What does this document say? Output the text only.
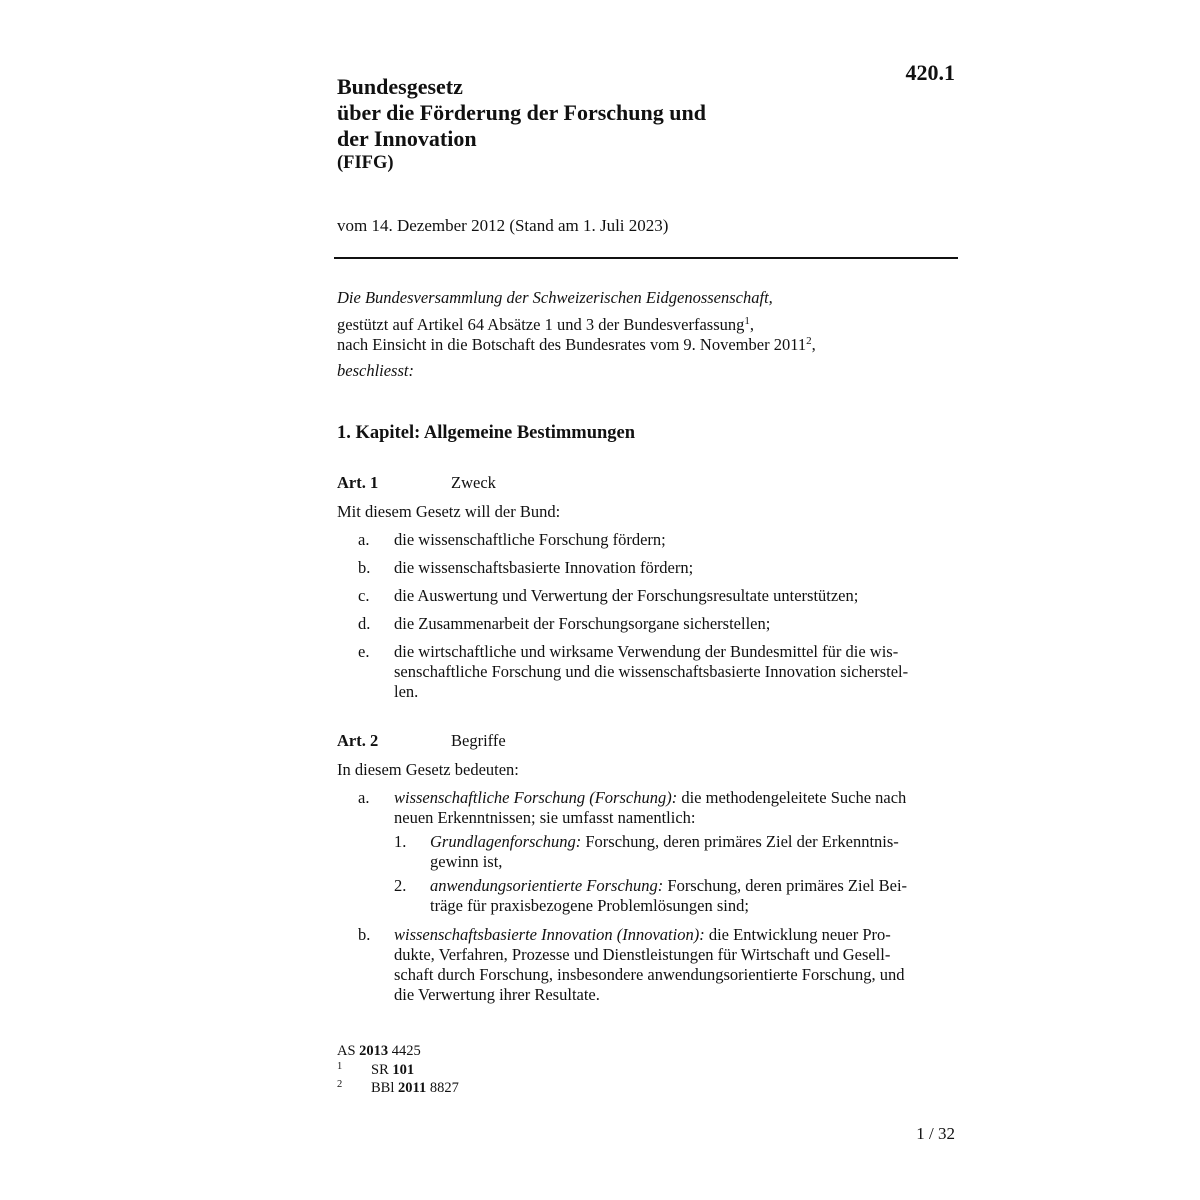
420.1
Bundesgesetz
über die Förderung der Forschung und
der Innovation
(FIFG)
vom 14. Dezember 2012 (Stand am 1. Juli 2023)
Die Bundesversammlung der Schweizerischen Eidgenossenschaft,
gestützt auf Artikel 64 Absätze 1 und 3 der Bundesverfassung$^1$,
nach Einsicht in die Botschaft des Bundesrates vom 9. November 2011$^2$,
beschliesst:
1. Kapitel: Allgemeine Bestimmungen
Art. 1	Zweck
Mit diesem Gesetz will der Bund:
a. die wissenschaftliche Forschung fördern;
b. die wissenschaftsbasierte Innovation fördern;
c. die Auswertung und Verwertung der Forschungsresultate unterstützen;
d. die Zusammenarbeit der Forschungsorgane sicherstellen;
e. die wirtschaftliche und wirksame Verwendung der Bundesmittel für die wis-
senschaftliche Forschung und die wissenschaftsbasierte Innovation sicherstel-
len.
Art. 2	Begriffe
In diesem Gesetz bedeuten:
a. wissenschaftliche Forschung (Forschung): die methodengeleitete Suche nach
neuen Erkenntnissen; sie umfasst namentlich:
1. Grundlagenforschung: Forschung, deren primäres Ziel der Erkenntnis-
gewinn ist,
2. anwendungsorientierte Forschung: Forschung, deren primäres Ziel Bei-
träge für praxisbezogene Problemlösungen sind;
b. wissenschaftsbasierte Innovation (Innovation): die Entwicklung neuer Pro-
dukte, Verfahren, Prozesse und Dienstleistungen für Wirtschaft und Gesell-
schaft durch Forschung, insbesondere anwendungsorientierte Forschung, und
die Verwertung ihrer Resultate.
AS 2013 4425
1 SR 101
2 BBl 2011 8827
1 / 32
